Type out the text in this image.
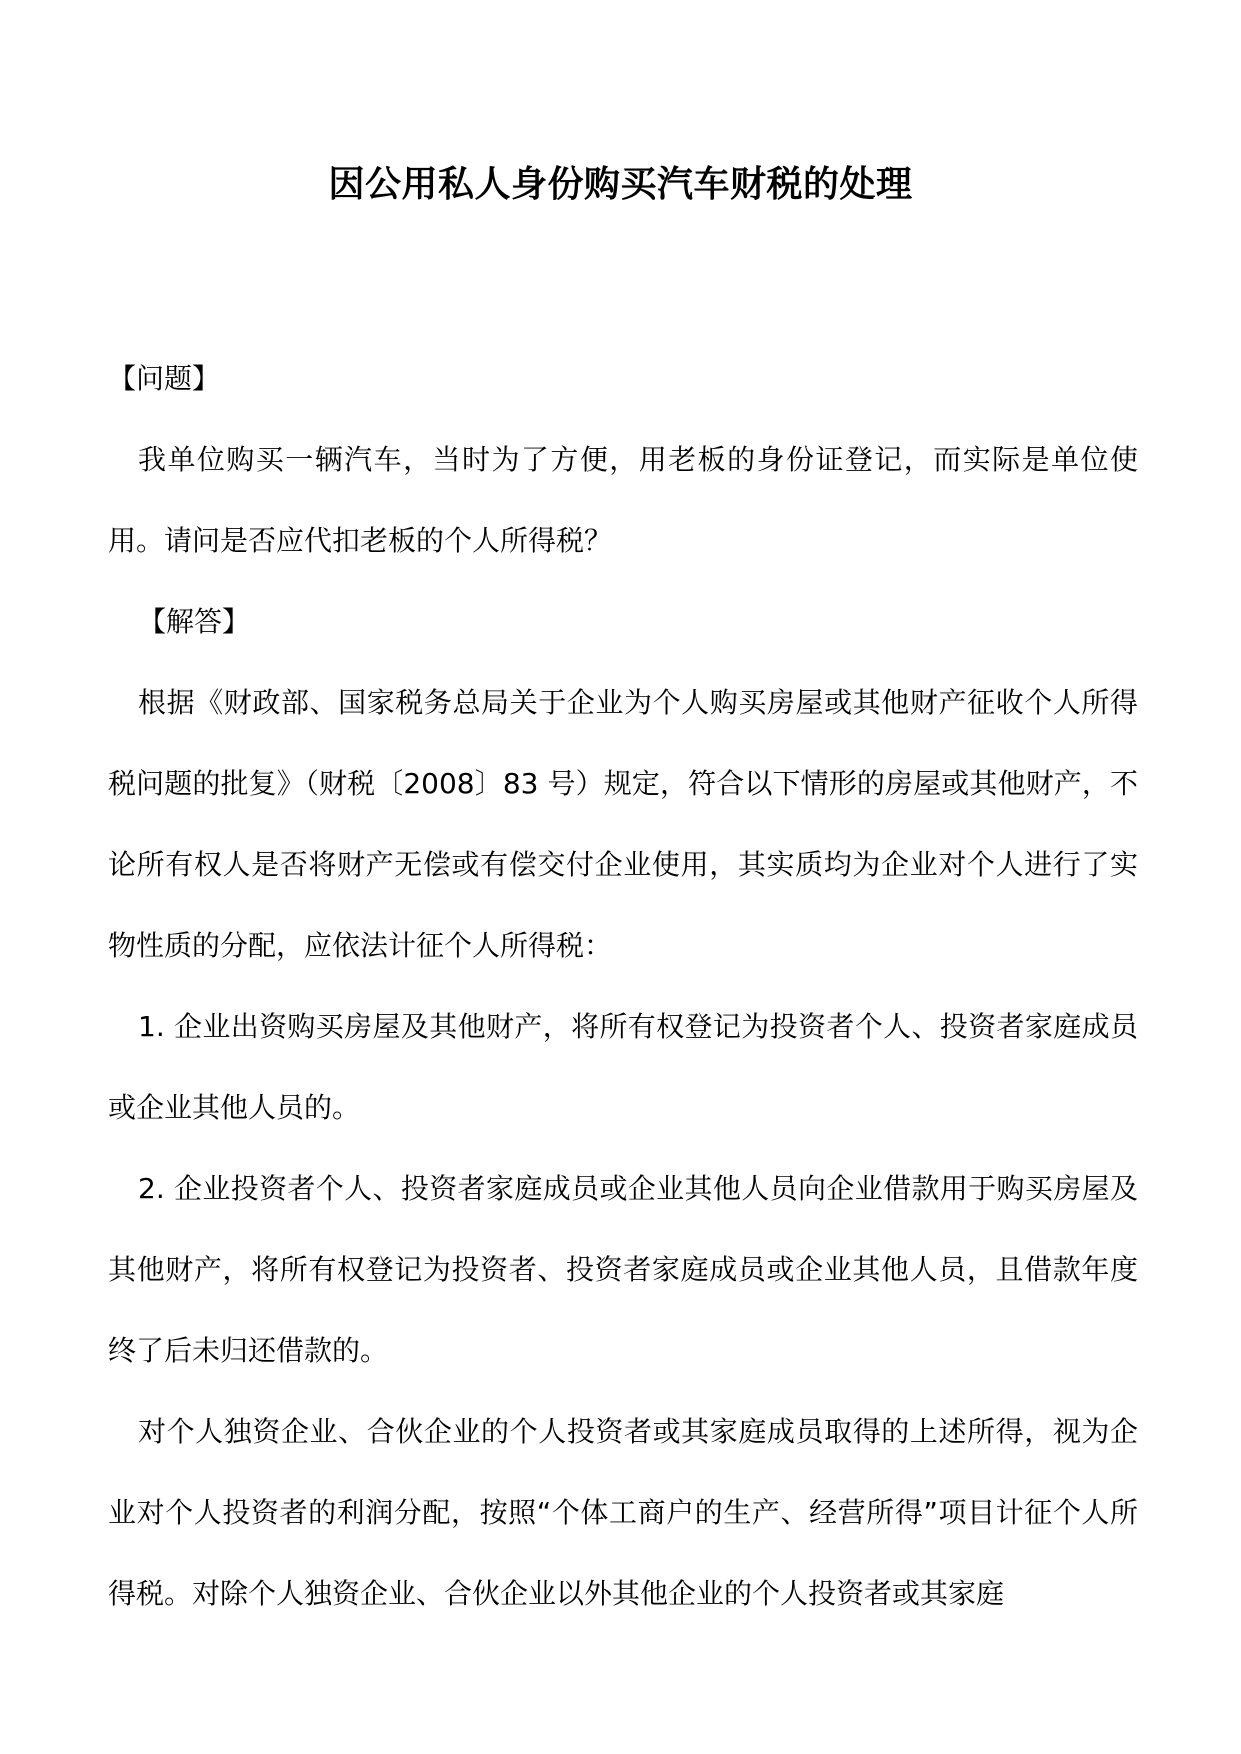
因公用私人身份购买汽车财税的处理

【问题】

我单位购买一辆汽车，当时为了方便，用老板的身份证登记，而实际是单位使用。请问是否应代扣老板的个人所得税？

【解答】

根据《财政部、国家税务总局关于企业为个人购买房屋或其他财产征收个人所得税问题的批复》（财税〔2008〕83 号）规定，符合以下情形的房屋或其他财产，不论所有权人是否将财产无偿或有偿交付企业使用，其实质均为企业对个人进行了实物性质的分配，应依法计征个人所得税：

1. 企业出资购买房屋及其他财产，将所有权登记为投资者个人、投资者家庭成员或企业其他人员的。

2. 企业投资者个人、投资者家庭成员或企业其他人员向企业借款用于购买房屋及其他财产，将所有权登记为投资者、投资者家庭成员或企业其他人员，且借款年度终了后未归还借款的。

对个人独资企业、合伙企业的个人投资者或其家庭成员取得的上述所得，视为企业对个人投资者的利润分配，按照“个体工商户的生产、经营所得”项目计征个人所得税。对除个人独资企业、合伙企业以外其他企业的个人投资者或其家庭
